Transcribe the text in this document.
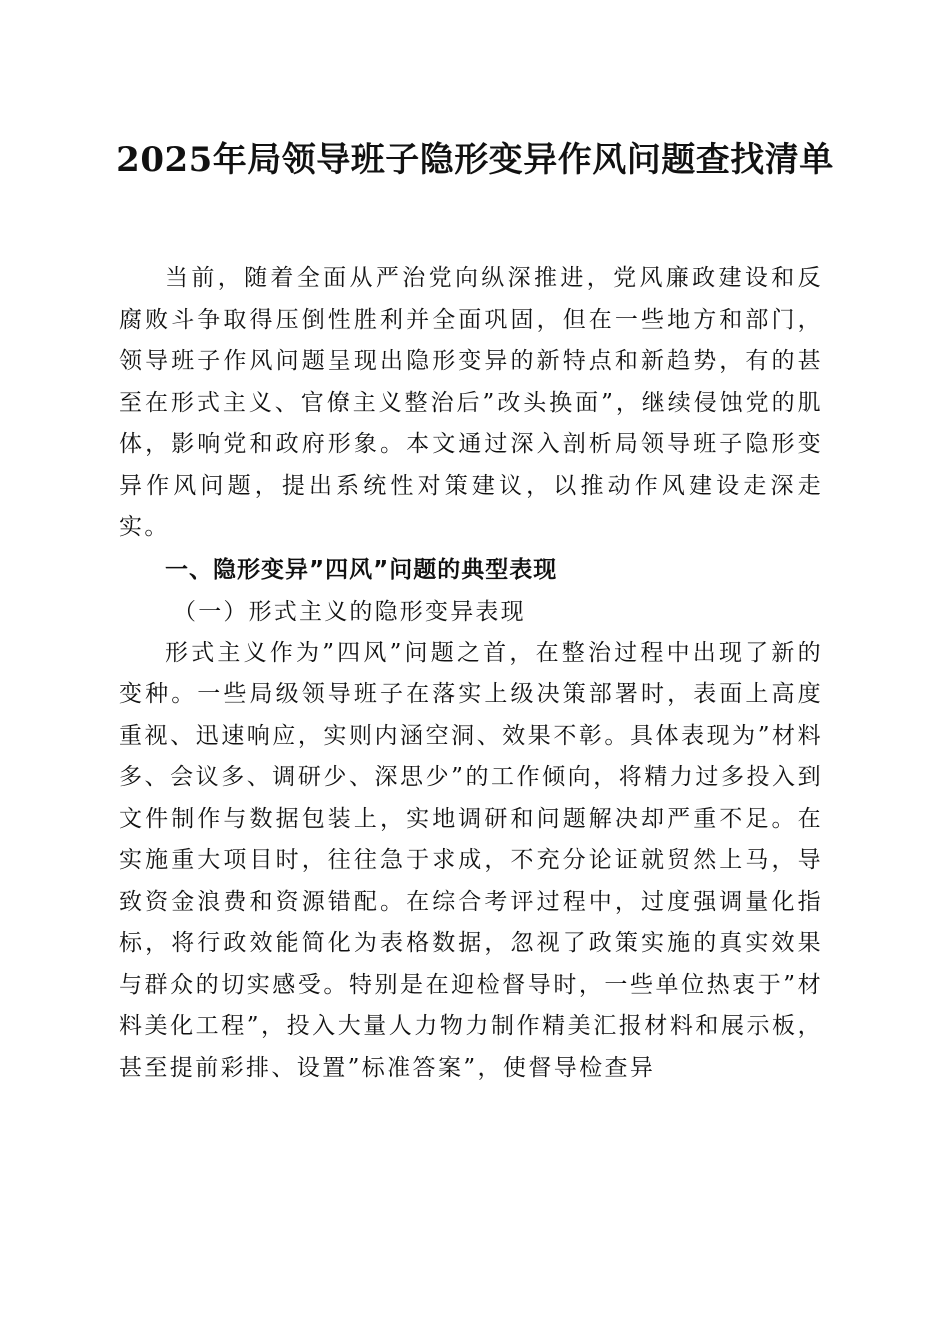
2025年局领导班子隐形变异作风问题查找清单

当前，随着全面从严治党向纵深推进，党风廉政建设和反腐败斗争取得压倒性胜利并全面巩固，但在一些地方和部门，领导班子作风问题呈现出隐形变异的新特点和新趋势，有的甚至在形式主义、官僚主义整治后”改头换面”，继续侵蚀党的肌体，影响党和政府形象。本文通过深入剖析局领导班子隐形变异作风问题，提出系统性对策建议，以推动作风建设走深走实。

一、隐形变异”四风”问题的典型表现

（一）形式主义的隐形变异表现

形式主义作为”四风”问题之首，在整治过程中出现了新的变种。一些局级领导班子在落实上级决策部署时，表面上高度重视、迅速响应，实则内涵空洞、效果不彰。具体表现为”材料多、会议多、调研少、深思少”的工作倾向，将精力过多投入到文件制作与数据包装上，实地调研和问题解决却严重不足。在实施重大项目时，往往急于求成，不充分论证就贸然上马，导致资金浪费和资源错配。在综合考评过程中，过度强调量化指标，将行政效能简化为表格数据，忽视了政策实施的真实效果与群众的切实感受。特别是在迎检督导时，一些单位热衷于”材料美化工程”，投入大量人力物力制作精美汇报材料和展示板，甚至提前彩排、设置”标准答案”，使督导检查异
